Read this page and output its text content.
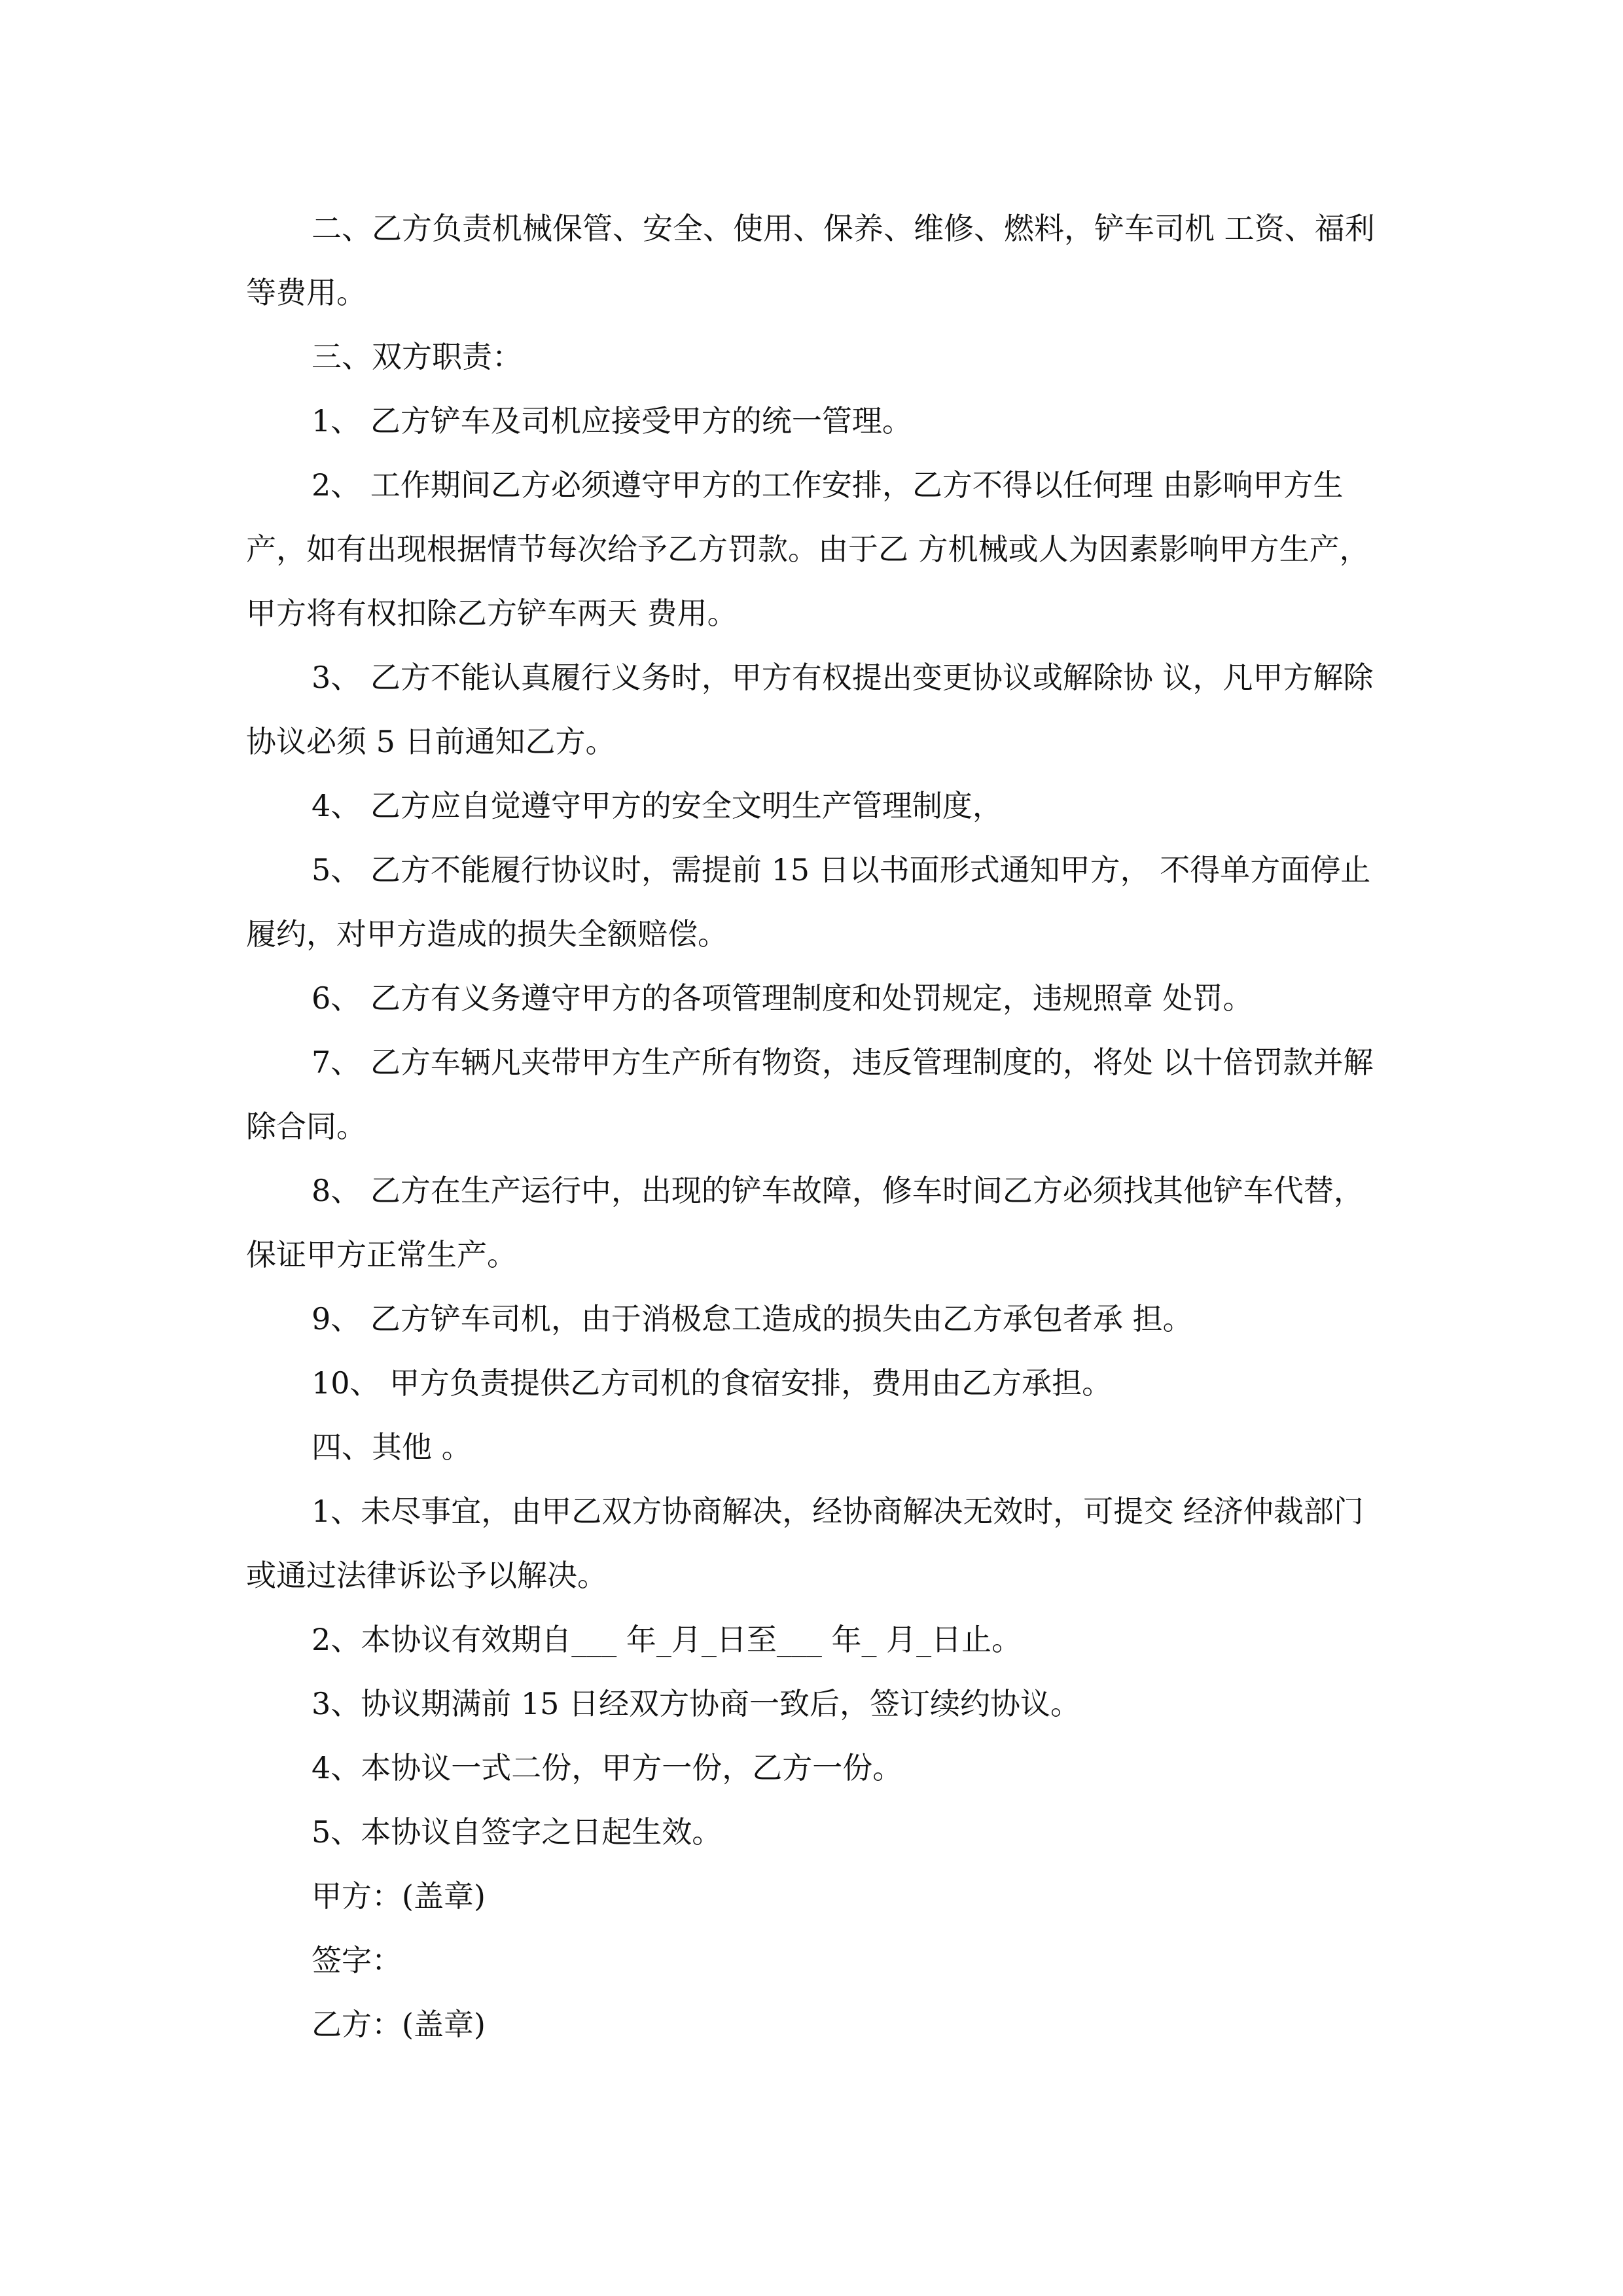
二、乙方负责机械保管、安全、使用、保养、维修、燃料，铲车司机 工资、福利等费用。

三、双方职责：

1、 乙方铲车及司机应接受甲方的统一管理。

2、 工作期间乙方必须遵守甲方的工作安排，乙方不得以任何理 由影响甲方生产，如有出现根据情节每次给予乙方罚款。由于乙 方机械或人为因素影响甲方生产，甲方将有权扣除乙方铲车两天 费用。

3、 乙方不能认真履行义务时，甲方有权提出变更协议或解除协 议，凡甲方解除协议必须 5 日前通知乙方。

4、 乙方应自觉遵守甲方的安全文明生产管理制度，

5、 乙方不能履行协议时，需提前 15 日以书面形式通知甲方， 不得单方面停止履约，对甲方造成的损失全额赔偿。

6、 乙方有义务遵守甲方的各项管理制度和处罚规定，违规照章 处罚。

7、 乙方车辆凡夹带甲方生产所有物资，违反管理制度的，将处 以十倍罚款并解除合同。

8、 乙方在生产运行中，出现的铲车故障，修车时间乙方必须找其他铲车代替，保证甲方正常生产。

9、 乙方铲车司机，由于消极怠工造成的损失由乙方承包者承 担。

10、 甲方负责提供乙方司机的食宿安排，费用由乙方承担。

四、其他 。

1、未尽事宜，由甲乙双方协商解决，经协商解决无效时，可提交 经济仲裁部门或通过法律诉讼予以解决。

2、本协议有效期自___ 年_月_日至___ 年_ 月_日止。

3、协议期满前 15 日经双方协商一致后，签订续约协议。

4、本协议一式二份，甲方一份，乙方一份。

5、本协议自签字之日起生效。

甲方：(盖章)

签字：

乙方：(盖章)
